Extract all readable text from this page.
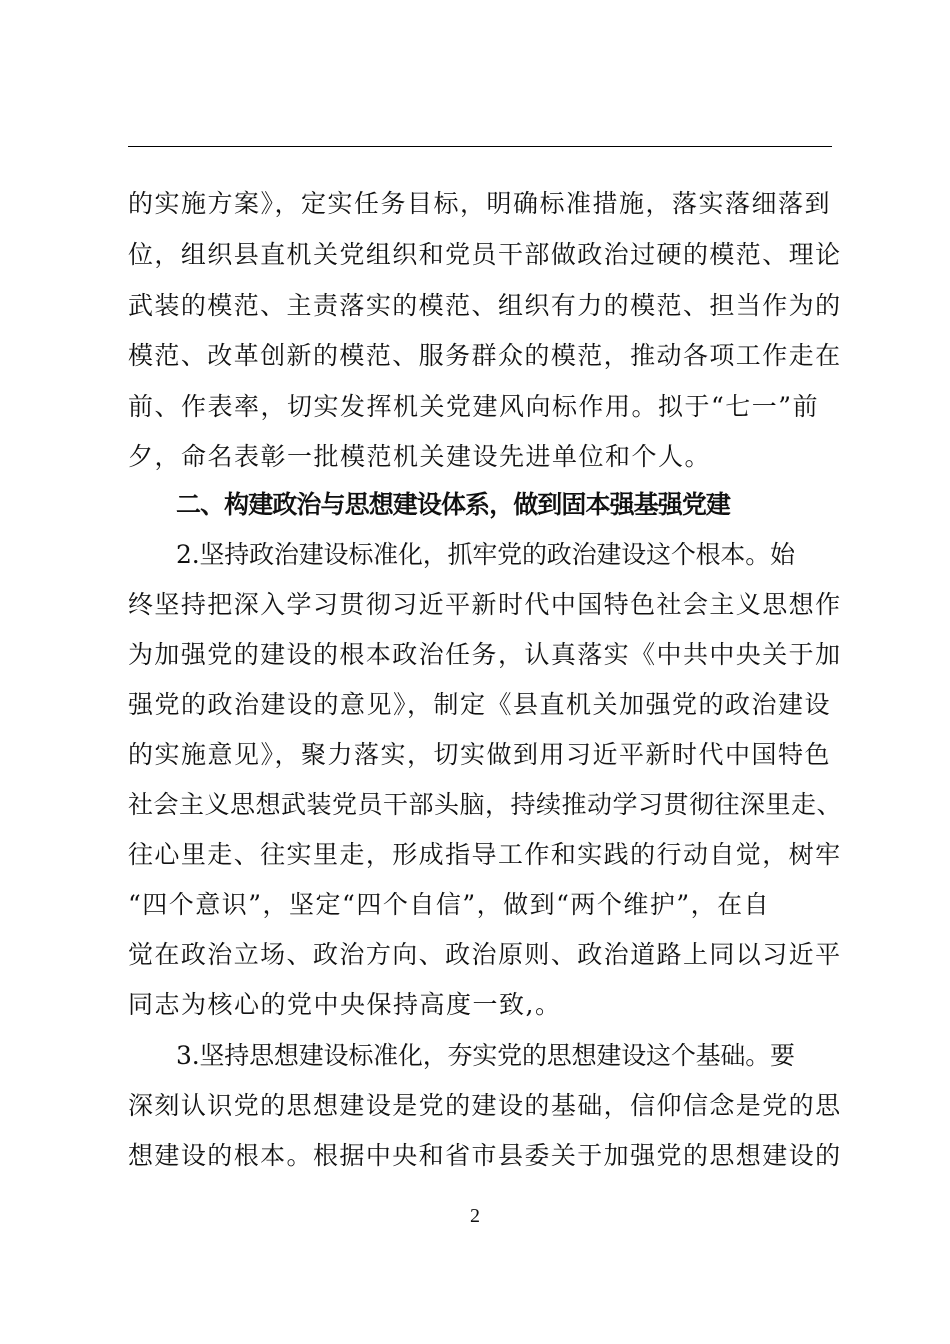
的实施方案》，定实任务目标，明确标准措施，落实落细落到
位，组织县直机关党组织和党员干部做政治过硬的模范、理论
武装的模范、主责落实的模范、组织有力的模范、担当作为的
模范、改革创新的模范、服务群众的模范，推动各项工作走在
前、作表率，切实发挥机关党建风向标作用。拟于“七一”前
夕，命名表彰一批模范机关建设先进单位和个人。
二、构建政治与思想建设体系，做到固本强基强党建
2.坚持政治建设标准化，抓牢党的政治建设这个根本。始
终坚持把深入学习贯彻习近平新时代中国特色社会主义思想作
为加强党的建设的根本政治任务，认真落实《中共中央关于加
强党的政治建设的意见》，制定《县直机关加强党的政治建设
的实施意见》，聚力落实，切实做到用习近平新时代中国特色
社会主义思想武装党员干部头脑，持续推动学习贯彻往深里走、
往心里走、往实里走，形成指导工作和实践的行动自觉，树牢
“四个意识”，坚定“四个自信”，做到“两个维护”，在自
觉在政治立场、政治方向、政治原则、政治道路上同以习近平
同志为核心的党中央保持高度一致,。
3.坚持思想建设标准化，夯实党的思想建设这个基础。要
深刻认识党的思想建设是党的建设的基础，信仰信念是党的思
想建设的根本。根据中央和省市县委关于加强党的思想建设的
2
